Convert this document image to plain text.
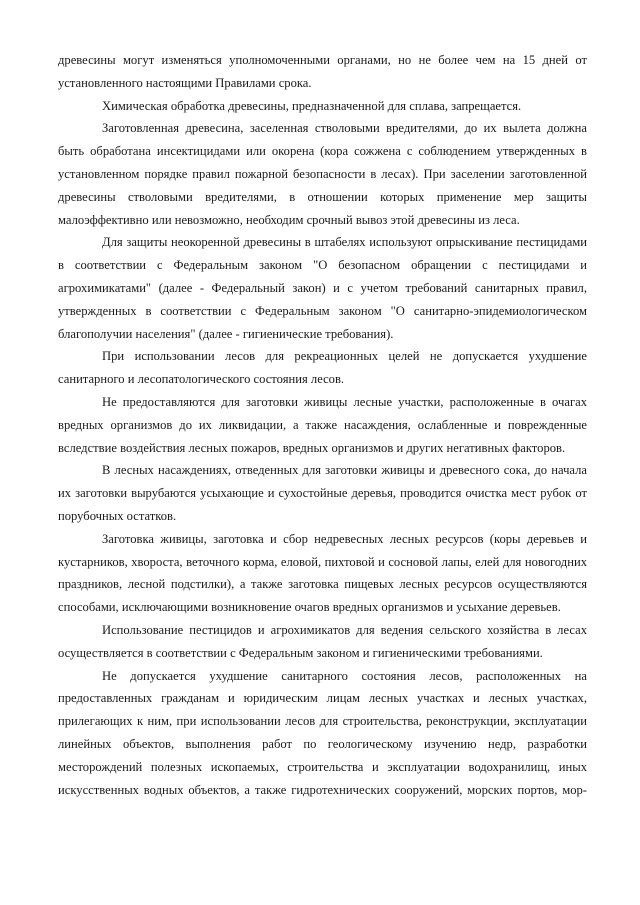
древесины могут изменяться уполномоченными органами, но не более чем на 15 дней от установленного настоящими Правилами срока.

Химическая обработка древесины, предназначенной для сплава, запрещается.

Заготовленная древесина, заселенная стволовыми вредителями, до их вылета должна быть обработана инсектицидами или окорена (кора сожжена с соблюдением утвержденных в установленном порядке правил пожарной безопасности в лесах). При заселении заготовленной древесины стволовыми вредителями, в отношении которых применение мер защиты малоэффективно или невозможно, необходим срочный вывоз этой древесины из леса.

Для защиты неокоренной древесины в штабелях используют опрыскивание пестицидами в соответствии с Федеральным законом "О безопасном обращении с пестицидами и агрохимикатами" (далее - Федеральный закон) и с учетом требований санитарных правил, утвержденных в соответствии с Федеральным законом "О санитарно-эпидемиологическом благополучии населения" (далее - гигиенические требования).

При использовании лесов для рекреационных целей не допускается ухудшение санитарного и лесопатологического состояния лесов.

Не предоставляются для заготовки живицы лесные участки, расположенные в очагах вредных организмов до их ликвидации, а также насаждения, ослабленные и поврежденные вследствие воздействия лесных пожаров, вредных организмов и других негативных факторов.

В лесных насаждениях, отведенных для заготовки живицы и древесного сока, до начала их заготовки вырубаются усыхающие и сухостойные деревья, проводится очистка мест рубок от порубочных остатков.

Заготовка живицы, заготовка и сбор недревесных лесных ресурсов (коры деревьев и кустарников, хвороста, веточного корма, еловой, пихтовой и сосновой лапы, елей для новогодних праздников, лесной подстилки), а также заготовка пищевых лесных ресурсов осуществляются способами, исключающими возникновение очагов вредных организмов и усыхание деревьев.

Использование пестицидов и агрохимикатов для ведения сельского хозяйства в лесах осуществляется в соответствии с Федеральным законом и гигиеническими требованиями.

Не допускается ухудшение санитарного состояния лесов, расположенных на предоставленных гражданам и юридическим лицам лесных участках и лесных участках, прилегающих к ним, при использовании лесов для строительства, реконструкции, эксплуатации линейных объектов, выполнения работ по геологическому изучению недр, разработки месторождений полезных ископаемых, строительства и эксплуатации водохранилищ, иных искусственных водных объектов, а также гидротехнических сооружений, морских портов, мор-
